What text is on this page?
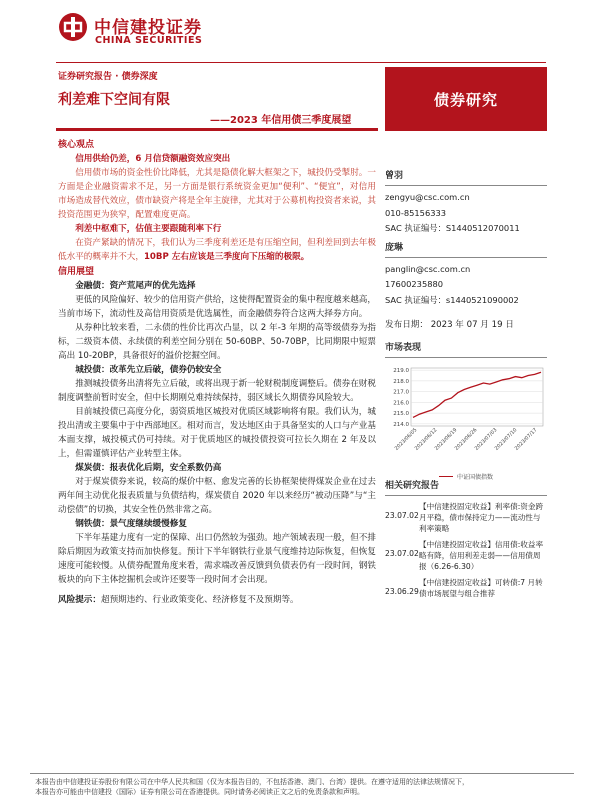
中信建投证券
CHINA SECURITIES
证券研究报告 · 债券深度
利差难下空间有限
——2023 年信用债三季度展望
债券研究
核心观点

信用供给仍差，6 月信贷额融资效应突出

信用债市场的资金性价比降低，尤其是隐债化解大框架之下，城投仍受掣肘。一方面是企业融资需求不足，另一方面是银行系统资金更加“便利”、“便宜”，对信用市场造成替代效应，债市缺资产将是全年主旋律，尤其对于公募机构投资者来说，其投资范围更为狭窄，配置难度更高。

利差中枢难下，估值主要跟随利率下行

在资产紧缺的情况下，我们认为三季度利差还是有压缩空间，但利差回到去年极低水平的概率并不大，10BP 左右应该是三季度向下压缩的极限。

信用展望

金融债：资产荒尾声的优先选择

更低的风险偏好、较少的信用资产供给，这使得配置资金的集中程度越来越高，当前市场下，流动性及高信用资质是优选属性，而金融债券符合这两大择券方向。

从券种比较来看，二永债的性价比再次凸显，以 2 年-3 年期的高等级债券为指标，二级资本债、永续债的利差空间分别在 50-60BP、50-70BP，比同期限中短票高出 10-20BP，具备很好的溢价挖掘空间。

城投债：改革先立后破，债券仍较安全

推测城投债务出清将先立后破，或将出现于新一轮财税制度调整后。债券在财税制度调整前暂时安全，但中长期刚兑难持续保持，弱区域长久期债券风险较大。

目前城投债已高度分化，弱资质地区城投对优质区域影响将有限。我们认为，城投出清或主要集中于中西部地区。相对而言，发达地区由于具备坚实的人口与产业基本面支撑，城投模式仍可持续。对于优质地区的城投债投资可拉长久期在 2 年及以上，但需谨慎评估产业转型主体。

煤炭债：报表优化后期，安全系数仍高

对于煤炭债券来说，较高的煤价中枢、愈发完善的长协框架使得煤炭企业在过去两年间主动优化报表质量与负债结构，煤炭债自 2020 年以来经历“被动压降”与“主动偿债”的切换，其安全性仍然非常之高。

钢铁债：景气度继续缓慢修复

下半年基建力度有一定的保障、出口仍然较为强劲。地产领域表现一般，但不排除后期因为政策支持而加快修复。预计下半年钢铁行业景气度维持边际恢复，但恢复速度可能较慢。从债券配置角度来看，需求端改善反馈到负债表仍有一段时间，钢铁板块的向下主体挖掘机会或许还要等一段时间才会出现。

风险提示：超预期违约、行业政策变化、经济修复不及预期等。
曾羽
zengyu@csc.com.cn
010-85156333
SAC 执证编号：S1440512070011
庞琳
panglin@csc.com.cn
17600235880
SAC 执证编号：s1440521090002
发布日期： 2023 年 07 月 19 日
市场表现
219.0
218.0
217.0
216.0
215.0
214.0
2023/06/05
2023/06/12
2023/06/19
2023/06/26
2023/07/03
2023/07/10
2023/07/17
中证国债指数
相关研究报告
23.07.02
【中信建投固定收益】利率债:资金跨月平稳，债市保持定力——流动性与利率策略
23.07.02
【中信建投固定收益】信用债:收益率略有降，信用利差走弱——信用债周报（6.26-6.30）
23.06.29
【中信建投固定收益】可转债:7 月转债市场展望与组合推荐
本报告由中信建投证券股份有限公司在中华人民共和国（仅为本报告目的，不包括香港、澳门、台湾）提供。在遵守适用的法律法规情况下，
本报告亦可能由中信建投（国际）证券有限公司在香港提供。同时请务必阅读正文之后的免责条款和声明。
